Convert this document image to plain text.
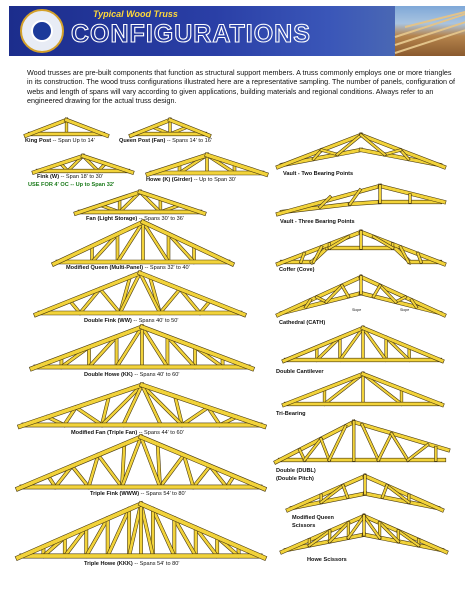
Typical Wood Truss
CONFIGURATIONS
Wood trusses are pre-built components that function as structural support members. A truss commonly employs one or more triangles in its construction. The wood truss configurations illustrated here are a representative sampling. The number of panels, configuration of webs and length of spans will vary according to given applications, building materials and regional conditions. Always refer to an engineered drawing for the actual truss design.
King Post -- Span Up to 14'	Queen Post (Fan) -- Spans 14' to 16'
Fink (W) -- Span 18' to 30'
USE FOR 4' OC -- Up to Span 32'
Howe (K) (Girder) -- Up to Span 30'
Fan (Light Storage) -- Spans 30' to 36'
Modified Queen (Multi-Panel) -- Spans 32' to 40'
Double Fink (WW) -- Spans 40' to 50'
Double Howe (KK) -- Spans 40' to 60'
Modified Fan (Triple Fan) -- Spans 44' to 60'
Triple Fink (WWW) -- Spans 54' to 80'
Triple Howe (KKK) -- Spans 54' to 80'
Vault - Two Bearing Points
Vault - Three Bearing Points
Coffer (Cove)
Cathedral (CATH)
Double Cantilever
Tri-Bearing
Double (DUBL)
(Double Pitch)
Modified Queen
Scissors
Howe Scissors
Slope	Slope
